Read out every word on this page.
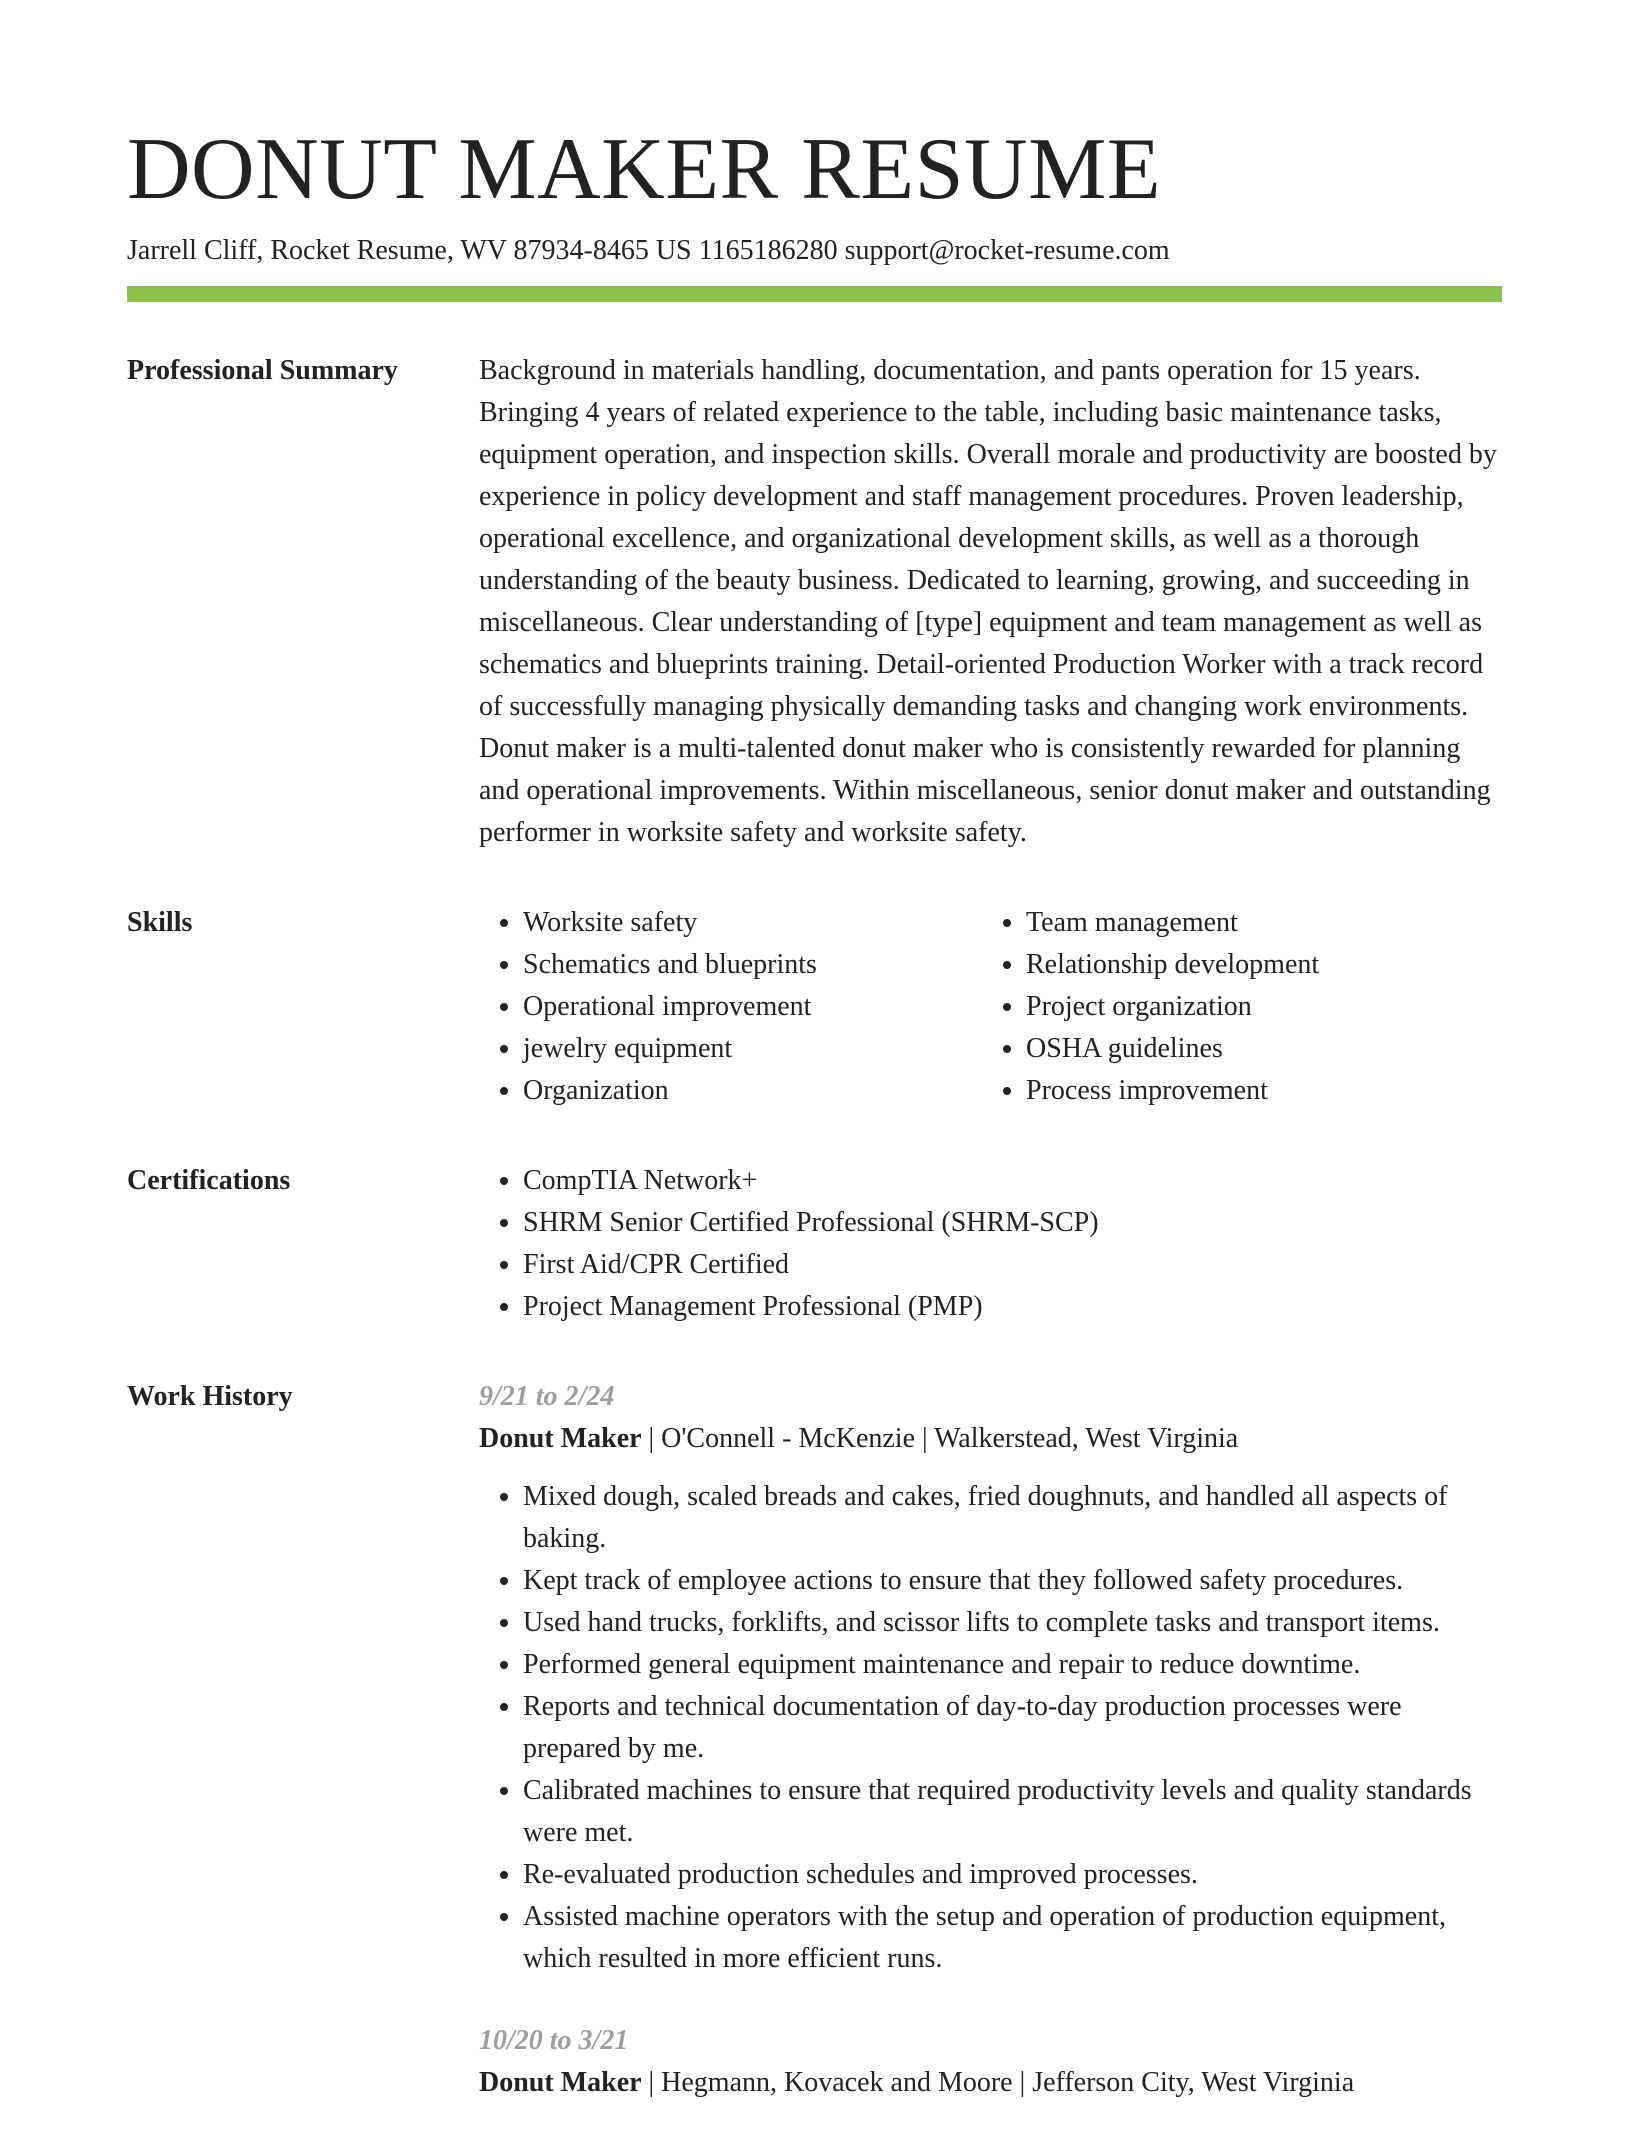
DONUT MAKER RESUME
Jarrell Cliff, Rocket Resume, WV 87934-8465 US 1165186280 support@rocket-resume.com
Professional Summary	Background in materials handling, documentation, and pants operation for 15 years. Bringing 4 years of related experience to the table, including basic maintenance tasks, equipment operation, and inspection skills. Overall morale and productivity are boosted by experience in policy development and staff management procedures. Proven leadership, operational excellence, and organizational development skills, as well as a thorough understanding of the beauty business. Dedicated to learning, growing, and succeeding in miscellaneous. Clear understanding of [type] equipment and team management as well as schematics and blueprints training. Detail-oriented Production Worker with a track record of successfully managing physically demanding tasks and changing work environments. Donut maker is a multi-talented donut maker who is consistently rewarded for planning and operational improvements. Within miscellaneous, senior donut maker and outstanding performer in worksite safety and worksite safety.

Skills	• Worksite safety
• Schematics and blueprints
• Operational improvement
• jewelry equipment
• Organization
• Team management
• Relationship development
• Project organization
• OSHA guidelines
• Process improvement
Certifications	• CompTIA Network+
• SHRM Senior Certified Professional (SHRM-SCP)
• First Aid/CPR Certified
• Project Management Professional (PMP)
Work History	9/21 to 2/24
Donut Maker | O'Connell - McKenzie | Walkerstead, West Virginia
• Mixed dough, scaled breads and cakes, fried doughnuts, and handled all aspects of baking.
• Kept track of employee actions to ensure that they followed safety procedures.
• Used hand trucks, forklifts, and scissor lifts to complete tasks and transport items.
• Performed general equipment maintenance and repair to reduce downtime.
• Reports and technical documentation of day-to-day production processes were prepared by me.
• Calibrated machines to ensure that required productivity levels and quality standards were met.
• Re-evaluated production schedules and improved processes.
• Assisted machine operators with the setup and operation of production equipment, which resulted in more efficient runs.
10/20 to 3/21
Donut Maker | Hegmann, Kovacek and Moore | Jefferson City, West Virginia
